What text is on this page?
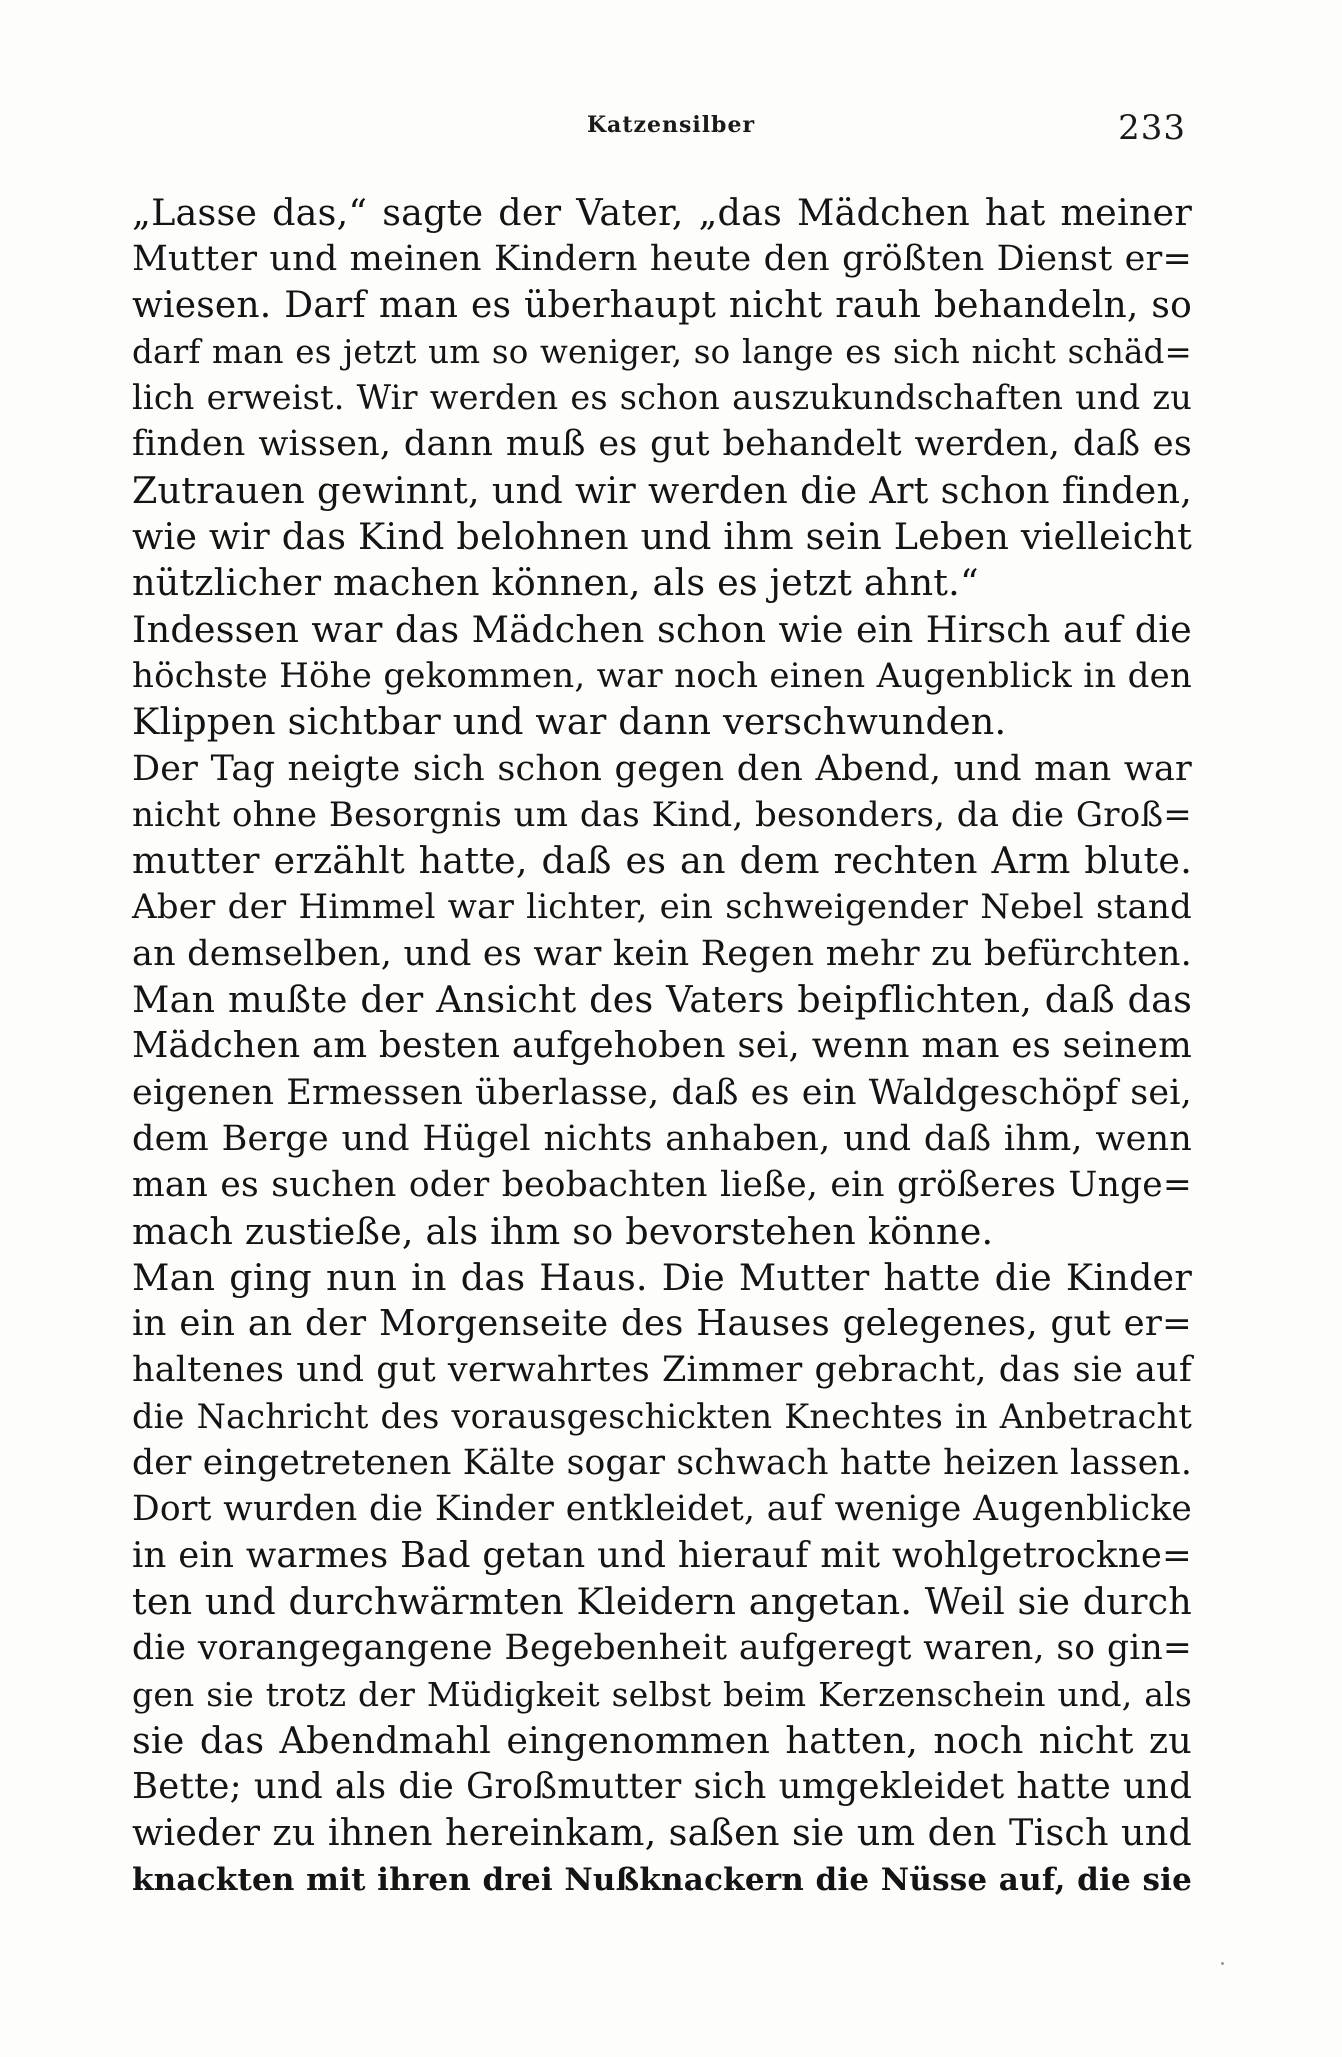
Katzensilber	233
„Lasse das,“ sagte der Vater, „das Mädchen hat meiner
Mutter und meinen Kindern heute den größten Dienst er=
wiesen. Darf man es überhaupt nicht rauh behandeln, so
darf man es jetzt um so weniger, so lange es sich nicht schäd=
lich erweist. Wir werden es schon auszukundschaften und zu
finden wissen, dann muß es gut behandelt werden, daß es
Zutrauen gewinnt, und wir werden die Art schon finden,
wie wir das Kind belohnen und ihm sein Leben vielleicht
nützlicher machen können, als es jetzt ahnt.“
Indessen war das Mädchen schon wie ein Hirsch auf die
höchste Höhe gekommen, war noch einen Augenblick in den
Klippen sichtbar und war dann verschwunden.
Der Tag neigte sich schon gegen den Abend, und man war
nicht ohne Besorgnis um das Kind, besonders, da die Groß=
mutter erzählt hatte, daß es an dem rechten Arm blute.
Aber der Himmel war lichter, ein schweigender Nebel stand
an demselben, und es war kein Regen mehr zu befürchten.
Man mußte der Ansicht des Vaters beipflichten, daß das
Mädchen am besten aufgehoben sei, wenn man es seinem
eigenen Ermessen überlasse, daß es ein Waldgeschöpf sei,
dem Berge und Hügel nichts anhaben, und daß ihm, wenn
man es suchen oder beobachten ließe, ein größeres Unge=
mach zustieße, als ihm so bevorstehen könne.
Man ging nun in das Haus. Die Mutter hatte die Kinder
in ein an der Morgenseite des Hauses gelegenes, gut er=
haltenes und gut verwahrtes Zimmer gebracht, das sie auf
die Nachricht des vorausgeschickten Knechtes in Anbetracht
der eingetretenen Kälte sogar schwach hatte heizen lassen.
Dort wurden die Kinder entkleidet, auf wenige Augenblicke
in ein warmes Bad getan und hierauf mit wohlgetrockne=
ten und durchwärmten Kleidern angetan. Weil sie durch
die vorangegangene Begebenheit aufgeregt waren, so gin=
gen sie trotz der Müdigkeit selbst beim Kerzenschein und, als
sie das Abendmahl eingenommen hatten, noch nicht zu
Bette; und als die Großmutter sich umgekleidet hatte und
wieder zu ihnen hereinkam, saßen sie um den Tisch und
knackten mit ihren drei Nußknackern die Nüsse auf, die sie
